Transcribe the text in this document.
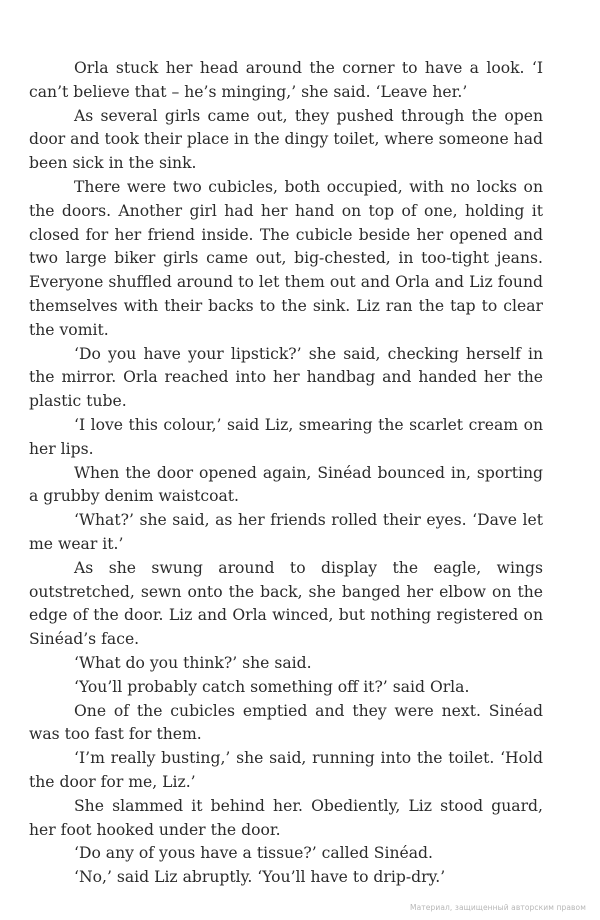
Orla stuck her head around the corner to have a look. ‘I can’t believe that – he’s minging,’ she said. ‘Leave her.’

As several girls came out, they pushed through the open door and took their place in the dingy toilet, where someone had been sick in the sink.

There were two cubicles, both occupied, with no locks on the doors. Another girl had her hand on top of one, holding it closed for her friend inside. The cubicle beside her opened and two large biker girls came out, big-chested, in too-tight jeans. Everyone shuffled around to let them out and Orla and Liz found themselves with their backs to the sink. Liz ran the tap to clear the vomit.

‘Do you have your lipstick?’ she said, checking herself in the mirror. Orla reached into her handbag and handed her the plastic tube.

‘I love this colour,’ said Liz, smearing the scarlet cream on her lips.

When the door opened again, Sinéad bounced in, sporting a grubby denim waistcoat.

‘What?’ she said, as her friends rolled their eyes. ‘Dave let me wear it.’

As she swung around to display the eagle, wings outstretched, sewn onto the back, she banged her elbow on the edge of the door. Liz and Orla winced, but nothing registered on Sinéad’s face.

‘What do you think?’ she said.

‘You’ll probably catch something off it?’ said Orla.

One of the cubicles emptied and they were next. Sinéad was too fast for them.

‘I’m really busting,’ she said, running into the toilet. ‘Hold the door for me, Liz.’

She slammed it behind her. Obediently, Liz stood guard, her foot hooked under the door.

‘Do any of yous have a tissue?’ called Sinéad.

‘No,’ said Liz abruptly. ‘You’ll have to drip-dry.’

Материал, защищенный авторским правом
